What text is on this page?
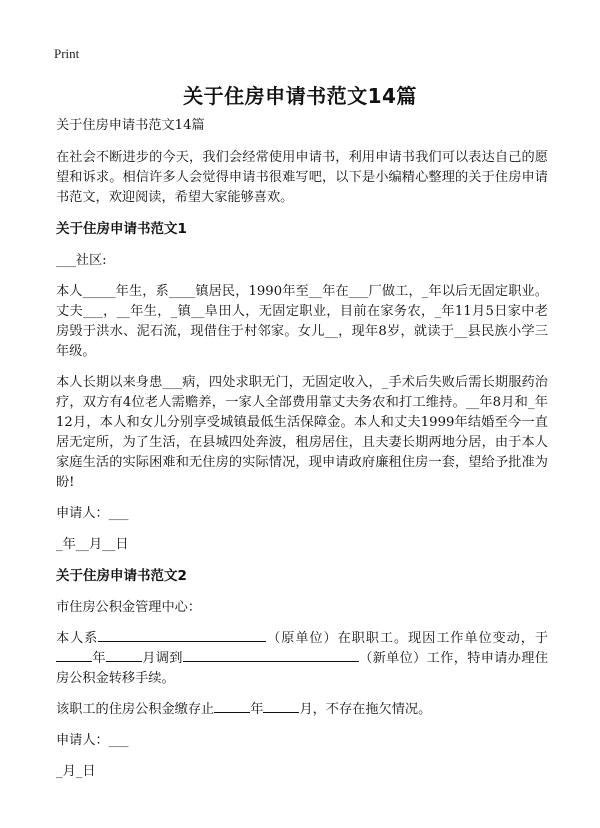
Print
关于住房申请书范文14篇

关于住房申请书范文14篇

在社会不断进步的今天，我们会经常使用申请书，利用申请书我们可以表达自己的愿望和诉求。相信许多人会觉得申请书很难写吧，以下是小编精心整理的关于住房申请书范文，欢迎阅读，希望大家能够喜欢。

关于住房申请书范文1

___社区:

本人_____年生，系____镇居民，1990年至__年在___厂做工，_年以后无固定职业。丈夫___，__年生，_镇__阜田人，无固定职业，目前在家务农，_年11月5日家中老房毁于洪水、泥石流，现借住于村邻家。女儿__，现年8岁，就读于__县民族小学三年级。

本人长期以来身患___病，四处求职无门，无固定收入，_手术后失败后需长期服药治疗，双方有4位老人需赡养，一家人全部费用靠丈夫务农和打工维持。__年8月和_年12月，本人和女儿分别享受城镇最低生活保障金。本人和丈夫1999年结婚至今一直居无定所，为了生活，在县城四处奔波，租房居住，且夫妻长期两地分居，由于本人家庭生活的实际困难和无住房的实际情况，现申请政府廉租住房一套，望给予批准为盼!

申请人：___

_年__月__日

关于住房申请书范文2

市住房公积金管理中心：

本人系	（原单位）在职职工。现因工作单位变动，于年	月调到	（新单位）工作，特申请办理住房公积金转移手续。

该职工的住房公积金缴存止	年	月，不存在拖欠情况。

申请人：___

_月_日
